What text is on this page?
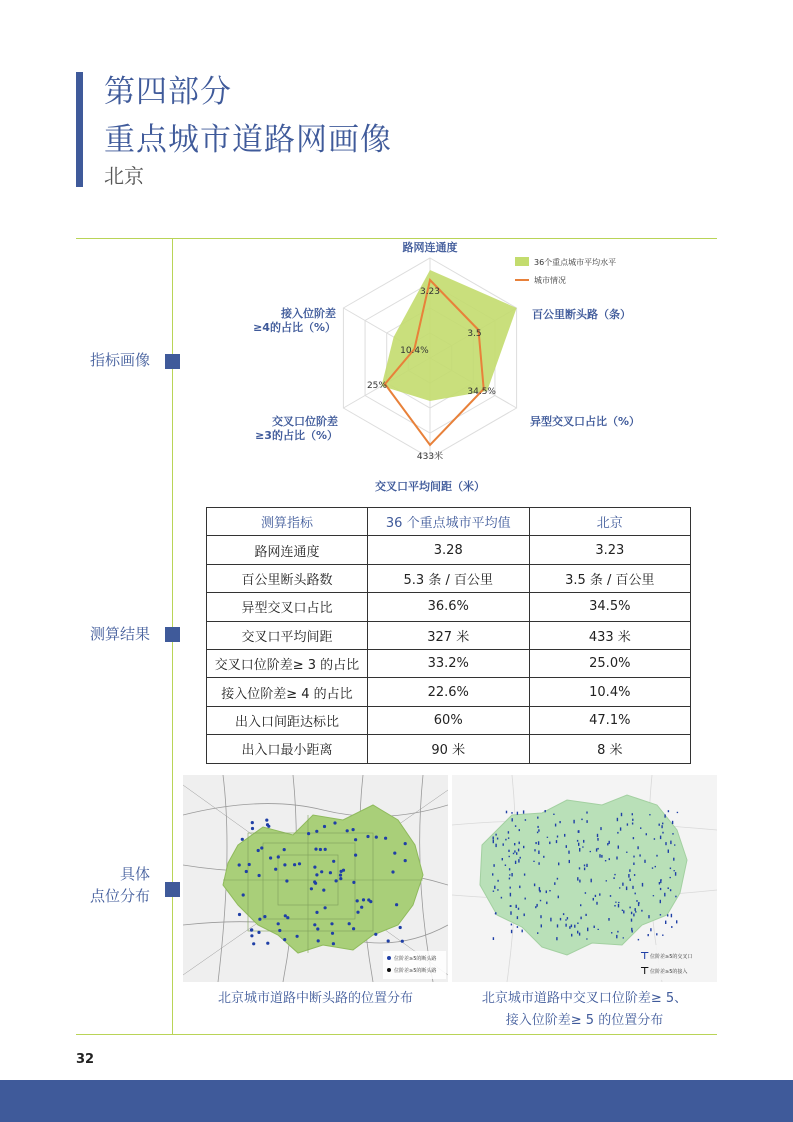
第四部分
重点城市道路网画像
北京
指标画像
测算结果
具体
点位分布
3.23
3.5
34.5%
433米
25%
10.4%
路网连通度
百公里断头路（条）
异型交叉口占比（%）
交叉口平均间距（米）
交叉口位阶差
≥3的占比（%）
接入位阶差
≥4的占比（%）
36个重点城市平均水平
城市情况
测算指标	36 个重点城市平均值	北京
路网连通度	3.28	3.23
百公里断头路数	5.3 条 / 百公里	3.5 条 / 百公里
异型交叉口占比	36.6%	34.5%
交叉口平均间距	327 米	433 米
交叉口位阶差≥ 3 的占比	33.2%	25.0%
接入位阶差≥ 4 的占比	22.6%	10.4%
出入口间距达标比	60%	47.1%
出入口最小距离	90 米	8 米
位阶差≥5的断头路
位阶差≥5的断头路
⊤ 位阶差≥5的交叉口
⊤ 位阶差≥5的接入
北京城市道路中断头路的位置分布	北京城市道路中交叉口位阶差≥ 5、
接入位阶差≥ 5 的位置分布
32
